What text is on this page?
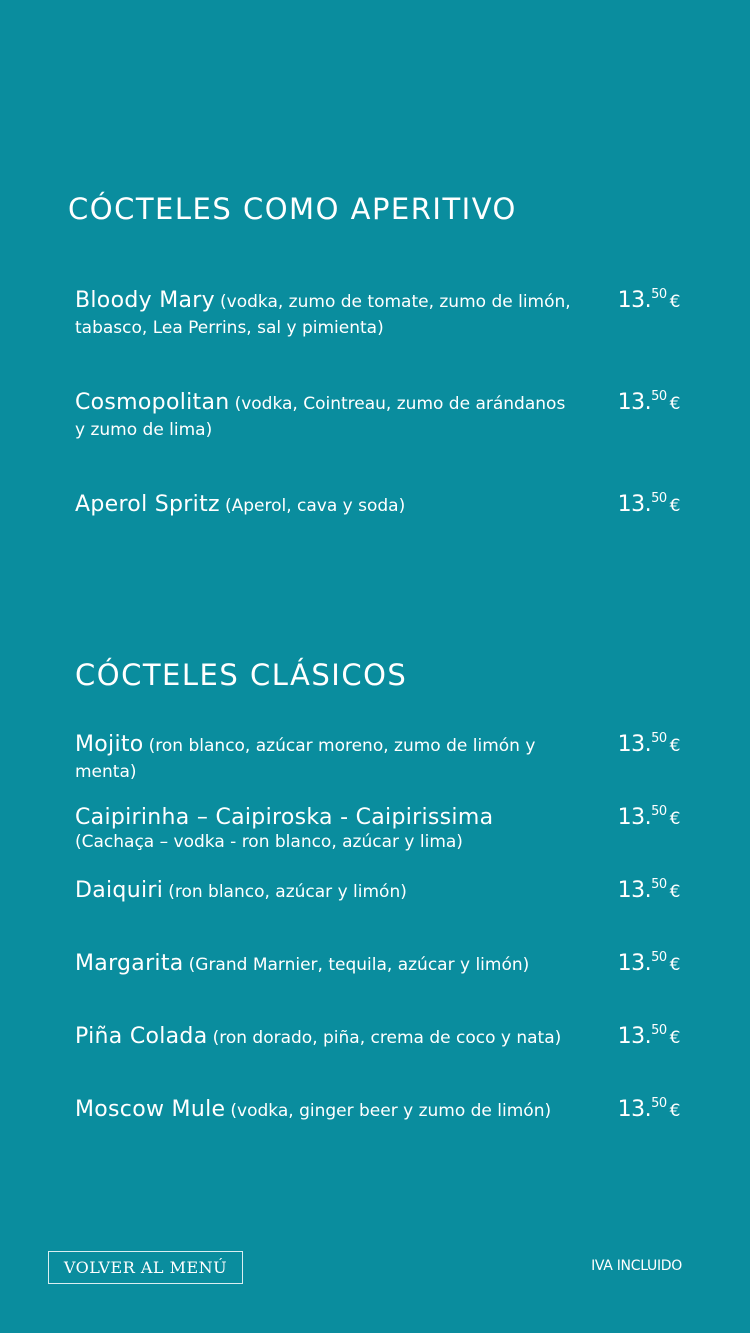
CÓCTELES COMO APERITIVO
Bloody Mary (vodka, zumo de tomate, zumo de limón, tabasco, Lea Perrins, sal y pimienta)
13.50 €
Cosmopolitan (vodka, Cointreau, zumo de arándanos y zumo de lima)
13.50 €
Aperol Spritz (Aperol, cava y soda)	13.50 €
CÓCTELES CLÁSICOS
Mojito (ron blanco, azúcar moreno, zumo de limón y menta)
13.50 €
Caipirinha – Caipiroska - Caipirissima
(Cachaça – vodka - ron blanco, azúcar y lima)
13.50 €
Daiquiri (ron blanco, azúcar y limón)	13.50 €
Margarita (Grand Marnier, tequila, azúcar y limón)	13.50 €
Piña Colada (ron dorado, piña, crema de coco y nata)	13.50 €
Moscow Mule (vodka, ginger beer y zumo de limón)	13.50 €
VOLVER AL MENÚ	IVA INCLUIDO
